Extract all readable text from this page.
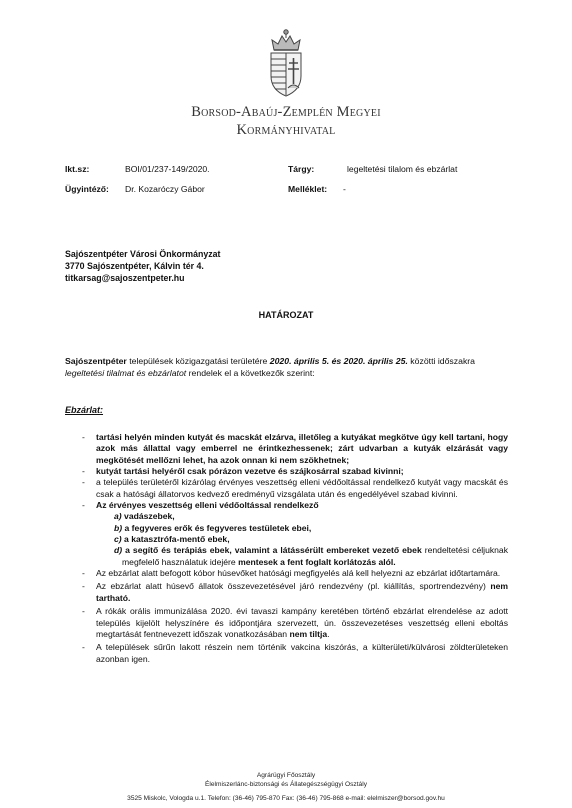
Borsod-Abaúj-Zemplén Megyei
Kormányhivatal
Ikt.sz:	BOI/01/237-149/2020.	Tárgy:	legeltetési tilalom és ebzárlat
Ügyintéző: Dr. Kozaróczy Gábor	Melléklet: -
Sajószentpéter Városi Önkormányzat
3770 Sajószentpéter, Kálvin tér 4.
titkarsag@sajoszentpeter.hu
HATÁROZAT
Sajószentpéter települések közigazgatási területére 2020. április 5. és 2020. április 25. közötti időszakra legeltetési tilalmat és ebzárlatot rendelek el a következők szerint:
Ebzárlat:
- tartási helyén minden kutyát és macskát elzárva, illetőleg a kutyákat megkötve úgy kell tartani, hogy azok más állattal vagy emberrel ne érintkezhessenek; zárt udvarban a kutyák elzárását vagy megkötését mellőzni lehet, ha azok onnan ki nem szökhetnek;
- kutyát tartási helyéről csak pórázon vezetve és szájkosárral szabad kivinni;
- a település területéről kizárólag érvényes veszettség elleni védőoltással rendelkező kutyát vagy macskát és csak a hatósági állatorvos kedvező eredményű vizsgálata után és engedélyével szabad kivinni.
- Az érvényes veszettség elleni védőoltással rendelkező
a) vadászebek,
b) a fegyveres erők és fegyveres testületek ebei,
c) a katasztrófa-mentő ebek,
d) a segítő és terápiás ebek, valamint a látássérült embereket vezető ebek rendeltetési céljuknak megfelelő használatuk idejére mentesek a fent foglalt korlátozás alól.
- Az ebzárlat alatt befogott kóbor húsevőket hatósági megfigyelés alá kell helyezni az ebzárlat időtartamára.
- Az ebzárlat alatt húsevő állatok összevezetésével járó rendezvény (pl. kiállítás, sportrendezvény) nem tartható.
- A rókák orális immunizálása 2020. évi tavaszi kampány keretében történő ebzárlat elrendelése az adott település kijelölt helyszínére és időpontjára szervezett, ún. összevezetéses veszettség elleni eboltás megtartását fentnevezett időszak vonatkozásában nem tiltja.
- A települések sűrűn lakott részein nem történik vakcina kiszórás, a külterületi/külvárosi zöldterületeken azonban igen.
Agrárügyi Főosztály
Élelmiszerlánc-biztonsági és Állategészségügyi Osztály
3525 Miskolc, Vologda u.1. Telefon: (36-46) 795-870 Fax: (36-46) 795-868 e-mail: elelmiszer@borsod.gov.hu
